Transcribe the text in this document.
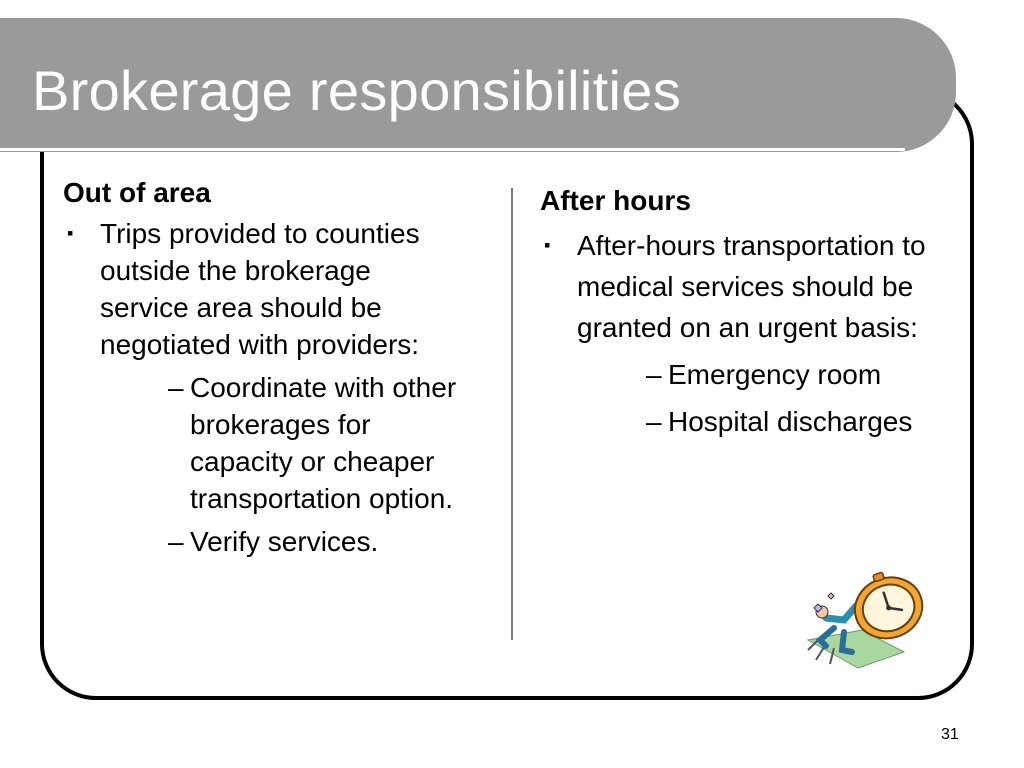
Brokerage responsibilities
Out of area
▪ Trips provided to counties outside the brokerage service area should be negotiated with providers:
– Coordinate with other brokerages for capacity or cheaper transportation option.
– Verify services.
After hours
▪ After-hours transportation to medical services should be granted on an urgent basis:
– Emergency room
– Hospital discharges
31
